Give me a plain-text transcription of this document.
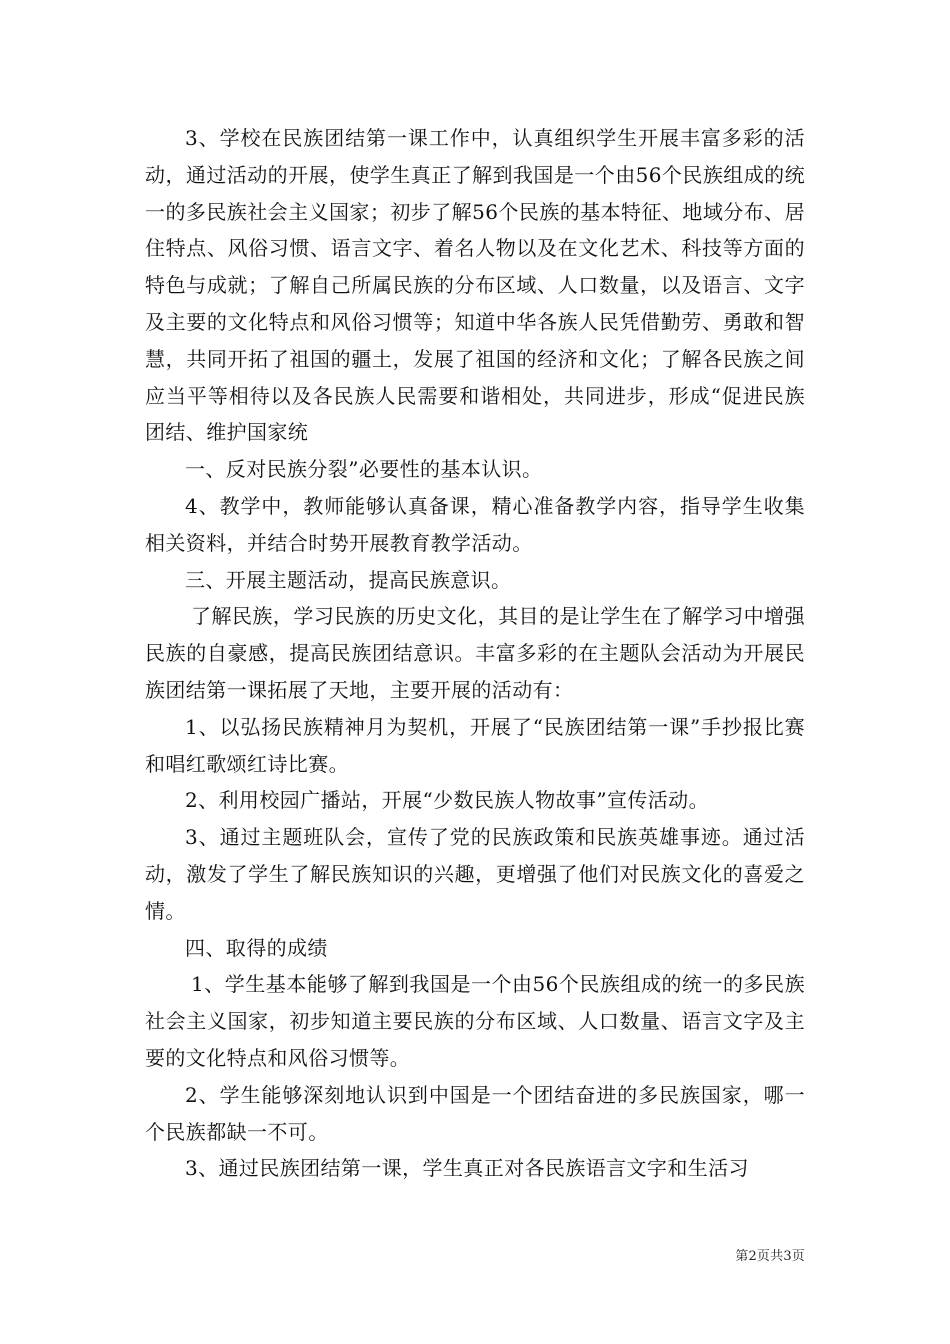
3、学校在民族团结第一课工作中，认真组织学生开展丰富多彩的活动，通过活动的开展，使学生真正了解到我国是一个由56个民族组成的统一的多民族社会主义国家；初步了解56个民族的基本特征、地域分布、居住特点、风俗习惯、语言文字、着名人物以及在文化艺术、科技等方面的特色与成就；了解自己所属民族的分布区域、人口数量，以及语言、文字及主要的文化特点和风俗习惯等；知道中华各族人民凭借勤劳、勇敢和智慧，共同开拓了祖国的疆土，发展了祖国的经济和文化；了解各民族之间应当平等相待以及各民族人民需要和谐相处，共同进步，形成“促进民族团结、维护国家统

一、反对民族分裂”必要性的基本认识。

4、教学中，教师能够认真备课，精心准备教学内容，指导学生收集相关资料，并结合时势开展教育教学活动。

三、开展主题活动，提高民族意识。

了解民族，学习民族的历史文化，其目的是让学生在了解学习中增强民族的自豪感，提高民族团结意识。丰富多彩的在主题队会活动为开展民族团结第一课拓展了天地，主要开展的活动有：

1、以弘扬民族精神月为契机，开展了“民族团结第一课”手抄报比赛和唱红歌颂红诗比赛。

2、利用校园广播站，开展“少数民族人物故事”宣传活动。

3、通过主题班队会，宣传了党的民族政策和民族英雄事迹。通过活动，激发了学生了解民族知识的兴趣，更增强了他们对民族文化的喜爱之情。

四、取得的成绩

1、学生基本能够了解到我国是一个由56个民族组成的统一的多民族社会主义国家，初步知道主要民族的分布区域、人口数量、语言文字及主要的文化特点和风俗习惯等。

2、学生能够深刻地认识到中国是一个团结奋进的多民族国家，哪一个民族都缺一不可。

3、通过民族团结第一课，学生真正对各民族语言文字和生活习

第2页共3页
